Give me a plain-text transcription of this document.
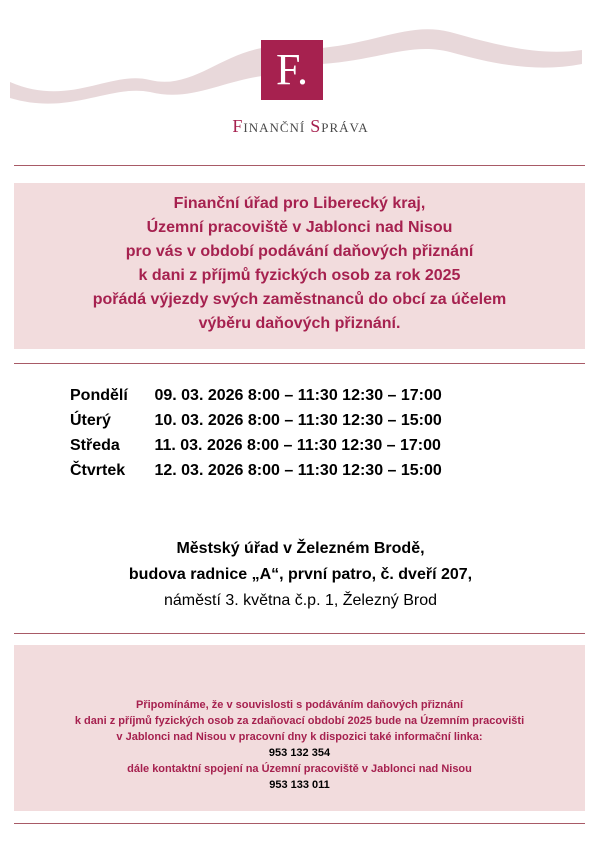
F.
FINANČNÍ SPRÁVA
Finanční úřad pro Liberecký kraj,
Územní pracoviště v Jablonci nad Nisou
pro vás v období podávání daňových přiznání
k dani z příjmů fyzických osob za rok 2025
pořádá výjezdy svých zaměstnanců do obcí za účelem
výběru daňových přiznání.
Pondělí 09. 03. 2026 8:00 – 11:30 12:30 – 17:00
Úterý	10. 03. 2026 8:00 – 11:30 12:30 – 15:00
Středa 11. 03. 2026 8:00 – 11:30 12:30 – 17:00
Čtvrtek 12. 03. 2026 8:00 – 11:30 12:30 – 15:00
Městský úřad v Železném Brodě,
budova radnice „A“, první patro, č. dveří 207,
náměstí 3. května č.p. 1, Železný Brod
Připomínáme, že v souvislosti s podáváním daňových přiznání
k dani z příjmů fyzických osob za zdaňovací období 2025 bude na Územním pracovišti
v Jablonci nad Nisou v pracovní dny k dispozici také informační linka:
953 132 354
dále kontaktní spojení na Územní pracoviště v Jablonci nad Nisou
953 133 011
